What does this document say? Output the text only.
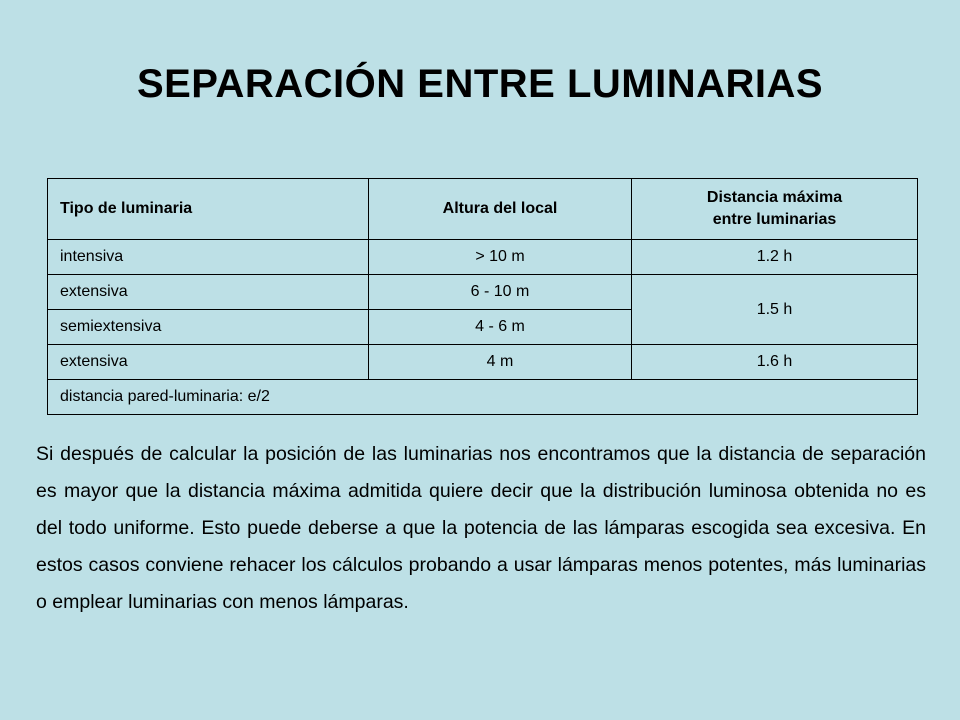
SEPARACIÓN ENTRE LUMINARIAS
Tipo de luminaria	Altura del local	Distancia máxima
entre luminarias

intensiva	> 10 m	1.2 h
extensiva	6 - 10 m	1.5 h
semiextensiva	4 - 6 m	
extensiva	4 m	1.6 h
distancia pared-luminaria: e/2		

Si después de calcular la posición de las luminarias nos encontramos que la distancia de separación es mayor que la distancia máxima admitida quiere decir que la distribución luminosa obtenida no es del todo uniforme. Esto puede deberse a que la potencia de las lámparas escogida sea excesiva. En estos casos conviene rehacer los cálculos probando a usar lámparas menos potentes, más luminarias o emplear luminarias con menos lámparas.
